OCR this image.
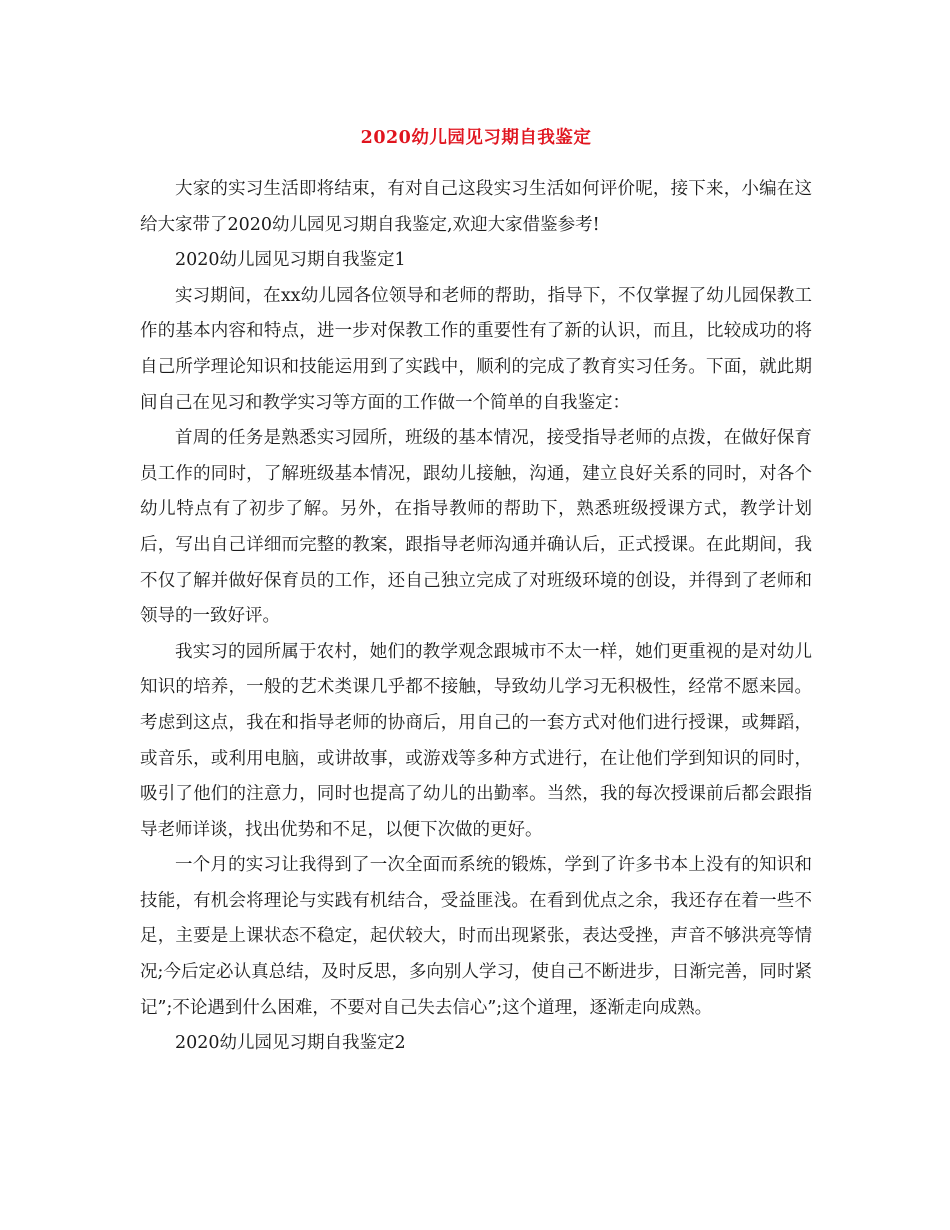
2020幼儿园见习期自我鉴定

大家的实习生活即将结束，有对自己这段实习生活如何评价呢，接下来，小编在这给大家带了2020幼儿园见习期自我鉴定,欢迎大家借鉴参考!

2020幼儿园见习期自我鉴定1

实习期间，在xx幼儿园各位领导和老师的帮助，指导下，不仅掌握了幼儿园保教工作的基本内容和特点，进一步对保教工作的重要性有了新的认识，而且，比较成功的将自己所学理论知识和技能运用到了实践中，顺利的完成了教育实习任务。下面，就此期间自己在见习和教学实习等方面的工作做一个简单的自我鉴定：

首周的任务是熟悉实习园所，班级的基本情况，接受指导老师的点拨，在做好保育员工作的同时，了解班级基本情况，跟幼儿接触，沟通，建立良好关系的同时，对各个幼儿特点有了初步了解。另外，在指导教师的帮助下，熟悉班级授课方式，教学计划后，写出自己详细而完整的教案，跟指导老师沟通并确认后，正式授课。在此期间，我不仅了解并做好保育员的工作，还自己独立完成了对班级环境的创设，并得到了老师和领导的一致好评。

我实习的园所属于农村，她们的教学观念跟城市不太一样，她们更重视的是对幼儿知识的培养，一般的艺术类课几乎都不接触，导致幼儿学习无积极性，经常不愿来园。考虑到这点，我在和指导老师的协商后，用自己的一套方式对他们进行授课，或舞蹈，或音乐，或利用电脑，或讲故事，或游戏等多种方式进行，在让他们学到知识的同时，吸引了他们的注意力，同时也提高了幼儿的出勤率。当然，我的每次授课前后都会跟指导老师详谈，找出优势和不足，以便下次做的更好。

一个月的实习让我得到了一次全面而系统的锻炼，学到了许多书本上没有的知识和技能，有机会将理论与实践有机结合，受益匪浅。在看到优点之余，我还存在着一些不足，主要是上课状态不稳定，起伏较大，时而出现紧张，表达受挫，声音不够洪亮等情况;今后定必认真总结，及时反思，多向别人学习，使自己不断进步，日渐完善，同时紧记”;不论遇到什么困难，不要对自己失去信心”;这个道理，逐渐走向成熟。

2020幼儿园见习期自我鉴定2
